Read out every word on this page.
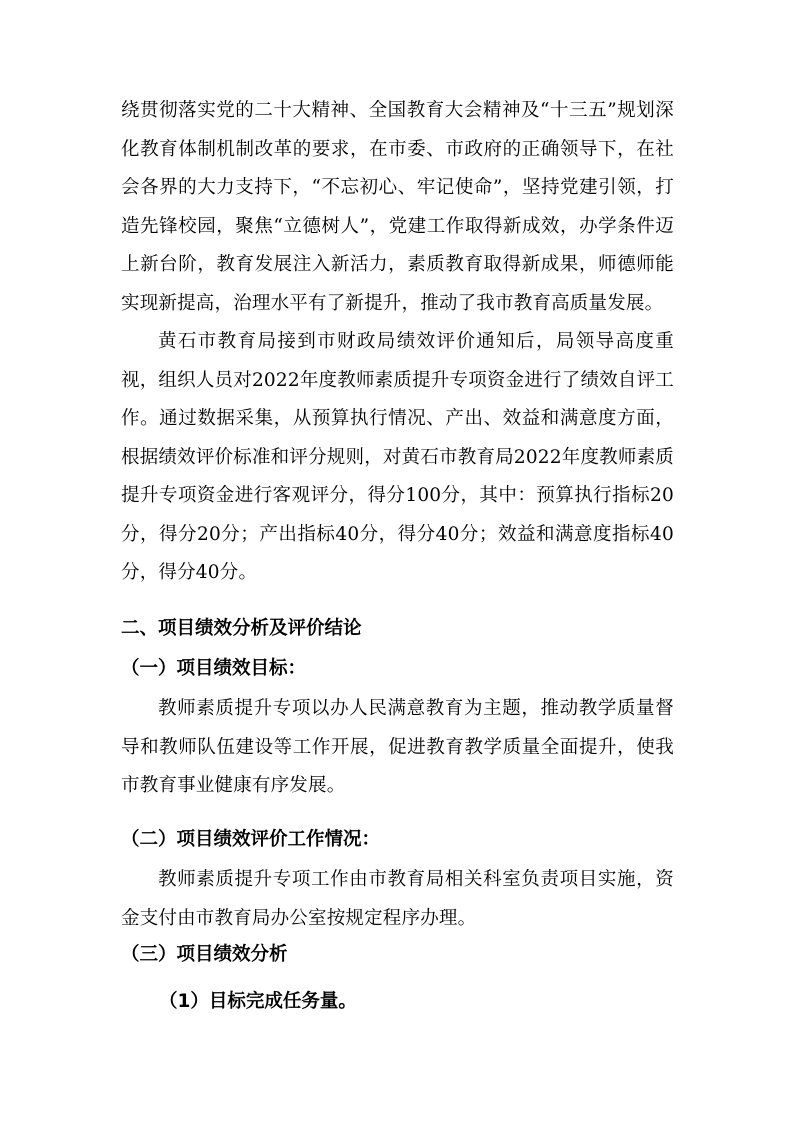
绕贯彻落实党的二十大精神、全国教育大会精神及“十三五”规划深化教育体制机制改革的要求，在市委、市政府的正确领导下，在社会各界的大力支持下，“不忘初心、牢记使命”，坚持党建引领，打造先锋校园，聚焦“立德树人”，党建工作取得新成效，办学条件迈上新台阶，教育发展注入新活力，素质教育取得新成果，师德师能实现新提高，治理水平有了新提升，推动了我市教育高质量发展。

黄石市教育局接到市财政局绩效评价通知后，局领导高度重视，组织人员对2022年度教师素质提升专项资金进行了绩效自评工作。通过数据采集，从预算执行情况、产出、效益和满意度方面，根据绩效评价标准和评分规则，对黄石市教育局2022年度教师素质提升专项资金进行客观评分，得分100分，其中：预算执行指标20分，得分20分；产出指标40分，得分40分；效益和满意度指标40分，得分40分。

二、项目绩效分析及评价结论
（一）项目绩效目标：

教师素质提升专项以办人民满意教育为主题，推动教学质量督导和教师队伍建设等工作开展，促进教育教学质量全面提升，使我市教育事业健康有序发展。

（二）项目绩效评价工作情况：

教师素质提升专项工作由市教育局相关科室负责项目实施，资金支付由市教育局办公室按规定程序办理。

（三）项目绩效分析
（1）目标完成任务量。
